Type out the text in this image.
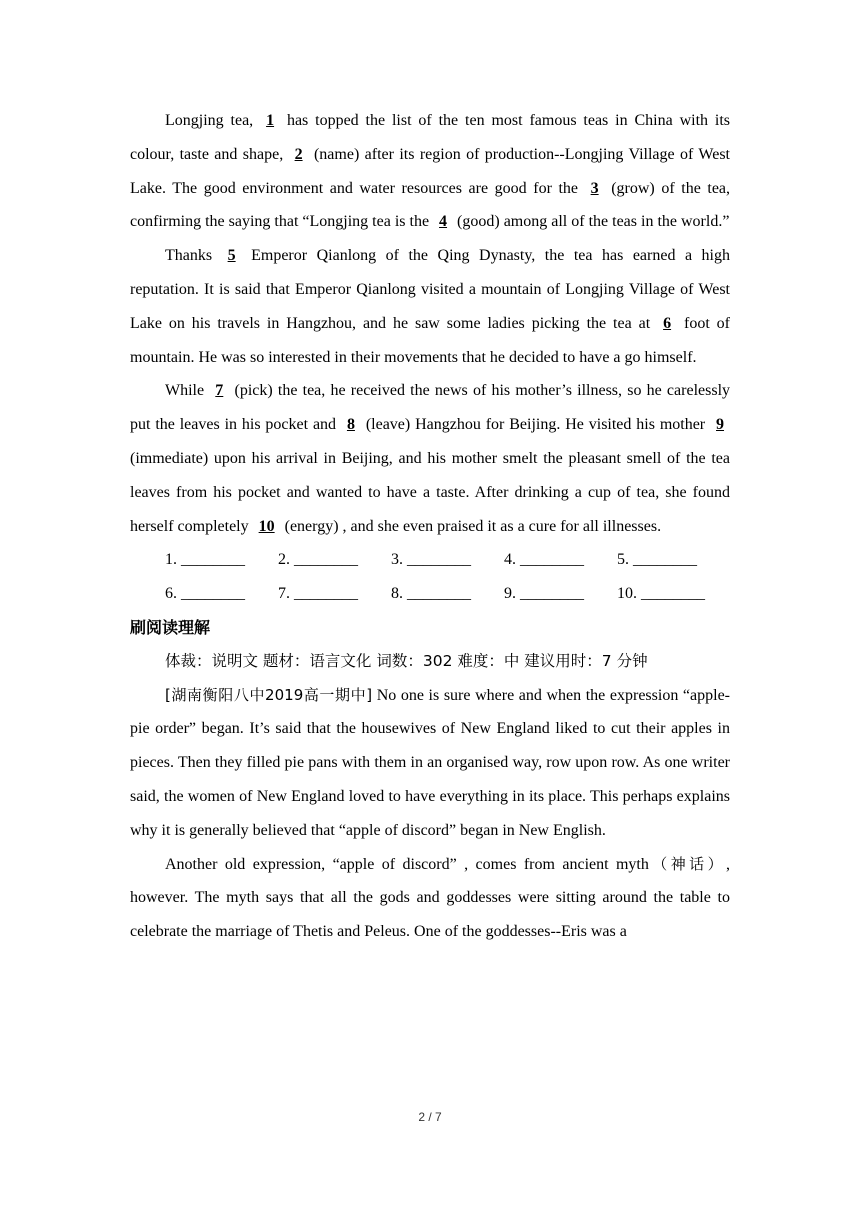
Longjing tea, 1 has topped the list of the ten most famous teas in China with its colour, taste and shape, 2 (name) after its region of production--Longjing Village of West Lake. The good environment and water resources are good for the 3 (grow) of the tea, confirming the saying that “Longjing tea is the 4 (good) among all of the teas in the world.”

Thanks 5 Emperor Qianlong of the Qing Dynasty, the tea has earned a high reputation. It is said that Emperor Qianlong visited a mountain of Longjing Village of West Lake on his travels in Hangzhou, and he saw some ladies picking the tea at 6 foot of mountain. He was so interested in their movements that he decided to have a go himself.

While 7 (pick) the tea, he received the news of his mother’s illness, so he carelessly put the leaves in his pocket and 8 (leave) Hangzhou for Beijing. He visited his mother 9 (immediate) upon his arrival in Beijing, and his mother smelt the pleasant smell of the tea leaves from his pocket and wanted to have a taste. After drinking a cup of tea, she found herself completely 10 (energy) , and she even praised it as a cure for all illnesses.

1. ________	2. ________	3. ________	4. ________	5. ________
6. ________	7. ________	8. ________	9. ________	10. ________

刷阅读理解

体裁：说明文 题材：语言文化 词数：302 难度：中 建议用时：7 分钟

[湖南衡阳八中2019高一期中] No one is sure where and when the expression “apple-pie order” began. It’s said that the housewives of New England liked to cut their apples in pieces. Then they filled pie pans with them in an organised way, row upon row. As one writer said, the women of New England loved to have everything in its place. This perhaps explains why it is generally believed that “apple of discord” began in New English.

Another old expression, “apple of discord” , comes from ancient myth（神话）, however. The myth says that all the gods and goddesses were sitting around the table to celebrate the marriage of Thetis and Peleus. One of the goddesses--Eris was a

2 / 7
